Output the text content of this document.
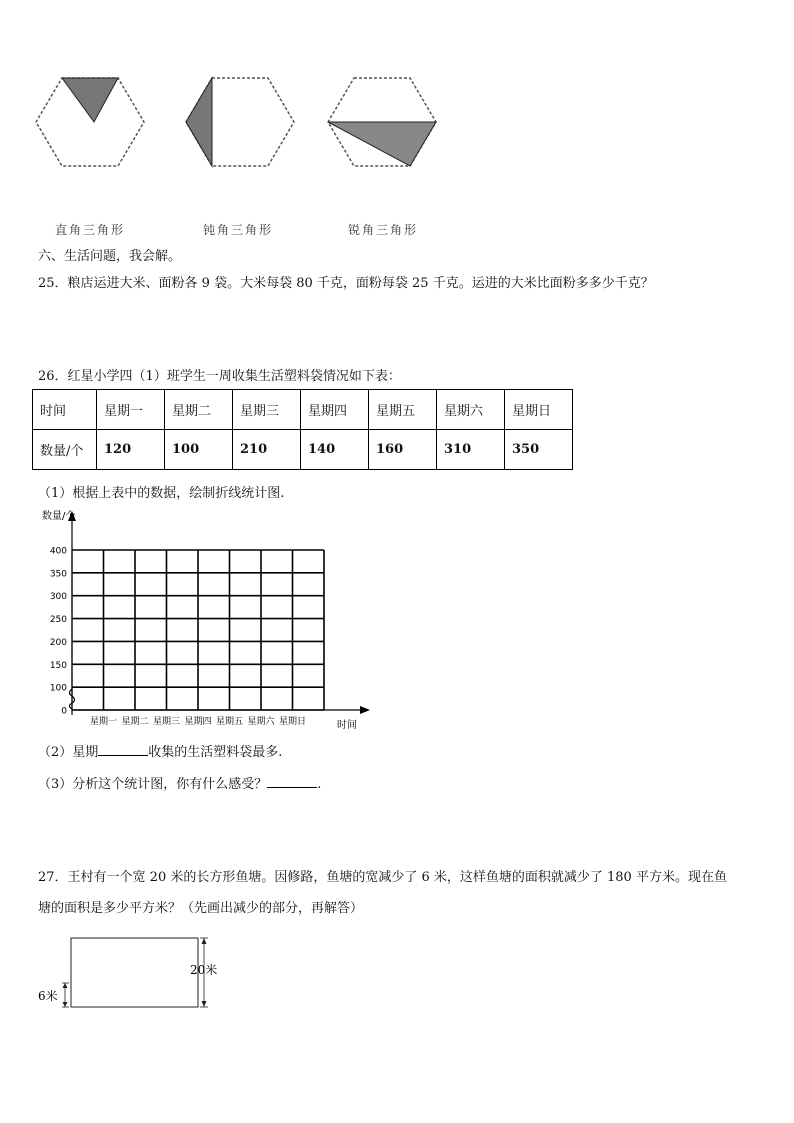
直角三角形	钝角三角形	锐角三角形
六、生活问题，我会解。
25．粮店运进大米、面粉各 9 袋。大米每袋 80 千克，面粉每袋 25 千克。运进的大米比面粉多多少千克？
26．红星小学四（1）班学生一周收集生活塑料袋情况如下表：
时间	星期一	星期二	星期三	星期四	星期五	星期六	星期日
数量/个	120	100	210	140	160	310	350
（1）根据上表中的数据，绘制折线统计图.
0
100
150
200
250
300
350
400
星期一 星期二 星期三 星期四 星期五 星期六 星期日
数量/个
时间
（2）星期	收集的生活塑料袋最多.
（3）分析这个统计图，你有什么感受？	.
27．王村有一个宽 20 米的长方形鱼塘。因修路，鱼塘的宽减少了 6 米，这样鱼塘的面积就减少了 180 平方米。现在鱼
塘的面积是多少平方米？（先画出减少的部分，再解答）
20米
6米
